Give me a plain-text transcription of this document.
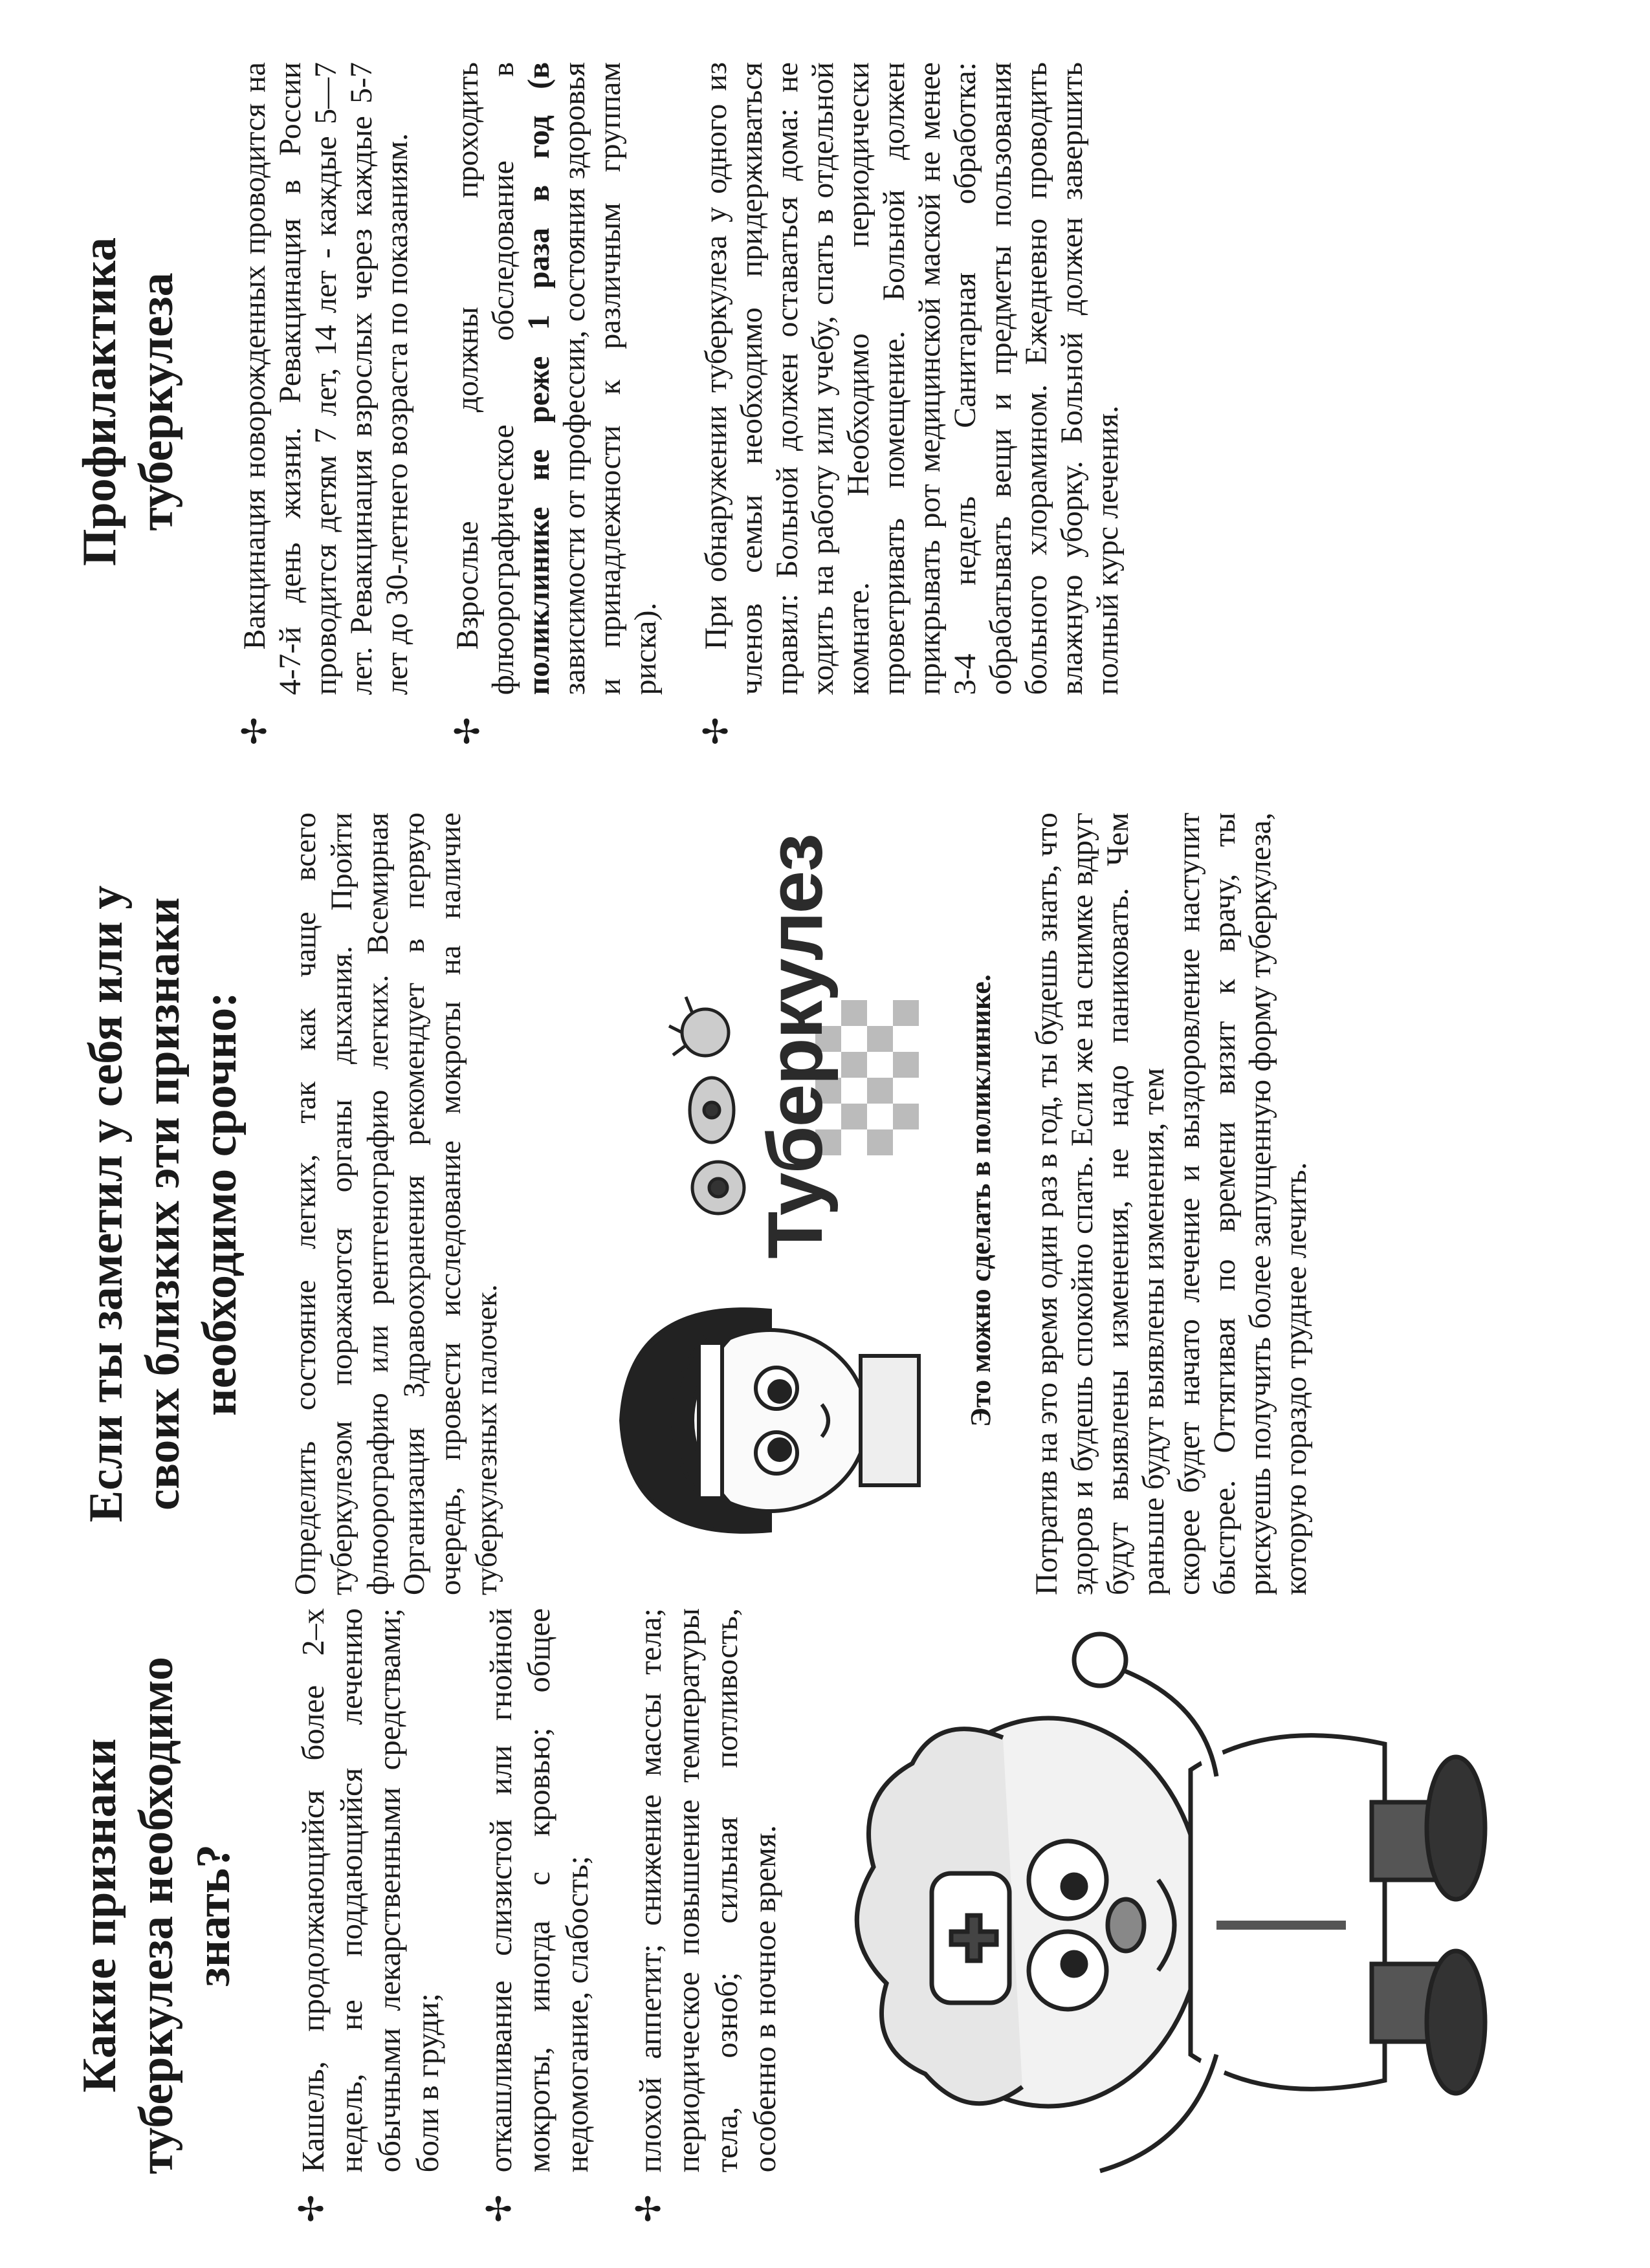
Какие признаки туберкулеза необходимо знать?
✢

Кашель, продолжающийся более 2–х недель, не поддающийся лечению обычными лекарственными средствами; боли в груди;

✢

откашливание слизистой или гнойной мокроты, иногда с кровью; общее недомогание, слабость;

✢

плохой аппетит; снижение массы тела; периодическое повышение температуры тела, озноб; сильная потливость, особенно в ночное время.

Если ты заметил у себя или у своих близких эти признаки необходимо срочно: Определить состояние легких, так как чаще всего туберкулезом поражаются органы дыхания. Пройти флюорографию или рентгенографию легких. Всемирная Организация Здравоохранения рекомендует в первую очередь, провести исследование мокроты на наличие туберкулезных палочек.

Туберкулез	Это можно сделать в поликлинике. Потратив на это время один раз в год, ты будешь знать, что здоров и будешь спокойно спать. Если же на снимке вдруг будут выявлены изменения, не надо паниковать. Чем раньше будут выявлены изменения, тем скорее будет начато лечение и выздоровление наступит быстрее. Оттягивая по времени визит к врачу, ты рискуешь получить более запущенную форму туберкулеза, которую гораздо труднее лечить.

Профилактика туберкулеза
✢

Вакцинация новорожденных проводится на 4-7-й день жизни. Ревакцинация в России проводится детям 7 лет, 14 лет - каждые 5—7 лет. Ревакцинация взрослых через каждые 5-7 лет до 30-летнего возраста по показаниям.

✢

Взрослые должны проходить флюорографическое обследование в поликлинике не реже 1 раза в год (в зависимости от профессии, состояния здоровья и принадлежности к различным группам риска).

✢

При обнаружении туберкулеза у одного из членов семьи необходимо придерживаться правил: Больной должен оставаться дома: не ходить на работу или учебу, спать в отдельной комнате. Необходимо периодически проветривать помещение. Больной должен прикрывать рот медицинской маской не менее 3-4 недель Санитарная обработка: обрабатывать вещи и предметы пользования больного хлорамином. Ежедневно проводить влажную уборку. Больной должен завершить полный курс лечения.
